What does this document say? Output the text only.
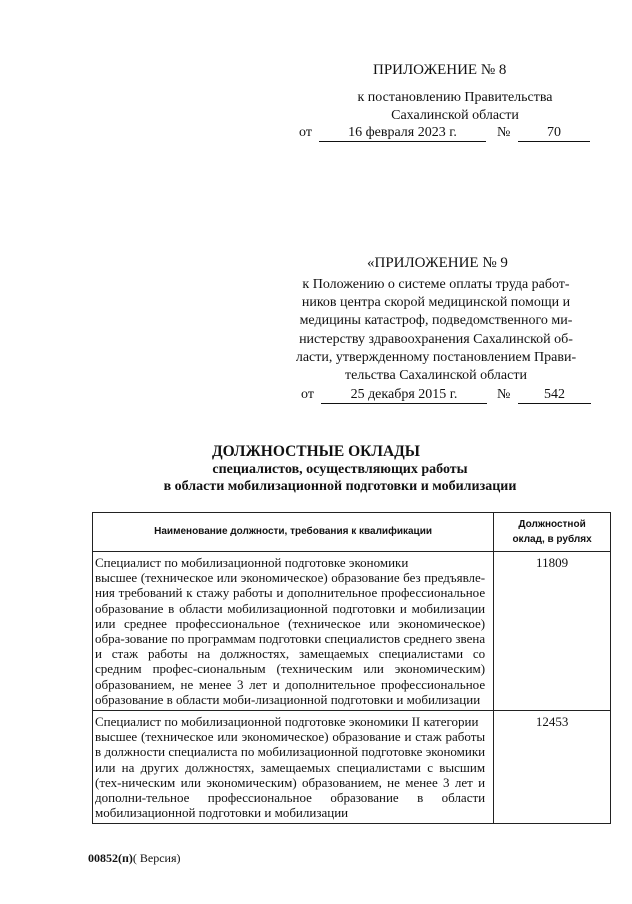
ПРИЛОЖЕНИЕ № 8
к постановлению Правительства
Сахалинской области
от	16 февраля 2023 г.	№	70
«ПРИЛОЖЕНИЕ № 9
к Положению о системе оплаты труда работ-
ников центра скорой медицинской помощи и
медицины катастроф, подведомственного ми-
нистерству здравоохранения Сахалинской об-
ласти, утвержденному постановлением Прави-
тельства Сахалинской области
от	25 декабря 2015 г.	№	542
ДОЛЖНОСТНЫЕ ОКЛАДЫ
специалистов, осуществляющих работы
в области мобилизационной подготовки и мобилизации
Наименование должности, требования к квалификации	Должностной
оклад, в рублях

Специалист по мобилизационной подготовке экономики
высшее (техническое или экономическое) образование без предъявле-ния требований к стажу работы и дополнительное профессиональное образование в области мобилизационной подготовки и мобилизации или среднее профессиональное (техническое или экономическое) обра-зование по программам подготовки специалистов среднего звена и стаж работы на должностях, замещаемых специалистами со средним профес-сиональным (техническим или экономическим) образованием, не менее 3 лет и дополнительное профессиональное образование в области моби-лизационной подготовки и мобилизации	11809

Специалист по мобилизационной подготовке экономики II категории
высшее (техническое или экономическое) образование и стаж работы в должности специалиста по мобилизационной подготовке экономики или на других должностях, замещаемых специалистами с высшим (тех-ническим или экономическим) образованием, не менее 3 лет и дополни-тельное профессиональное образование в области мобилизационной подготовки и мобилизации	12453
00852(п)( Версия)
